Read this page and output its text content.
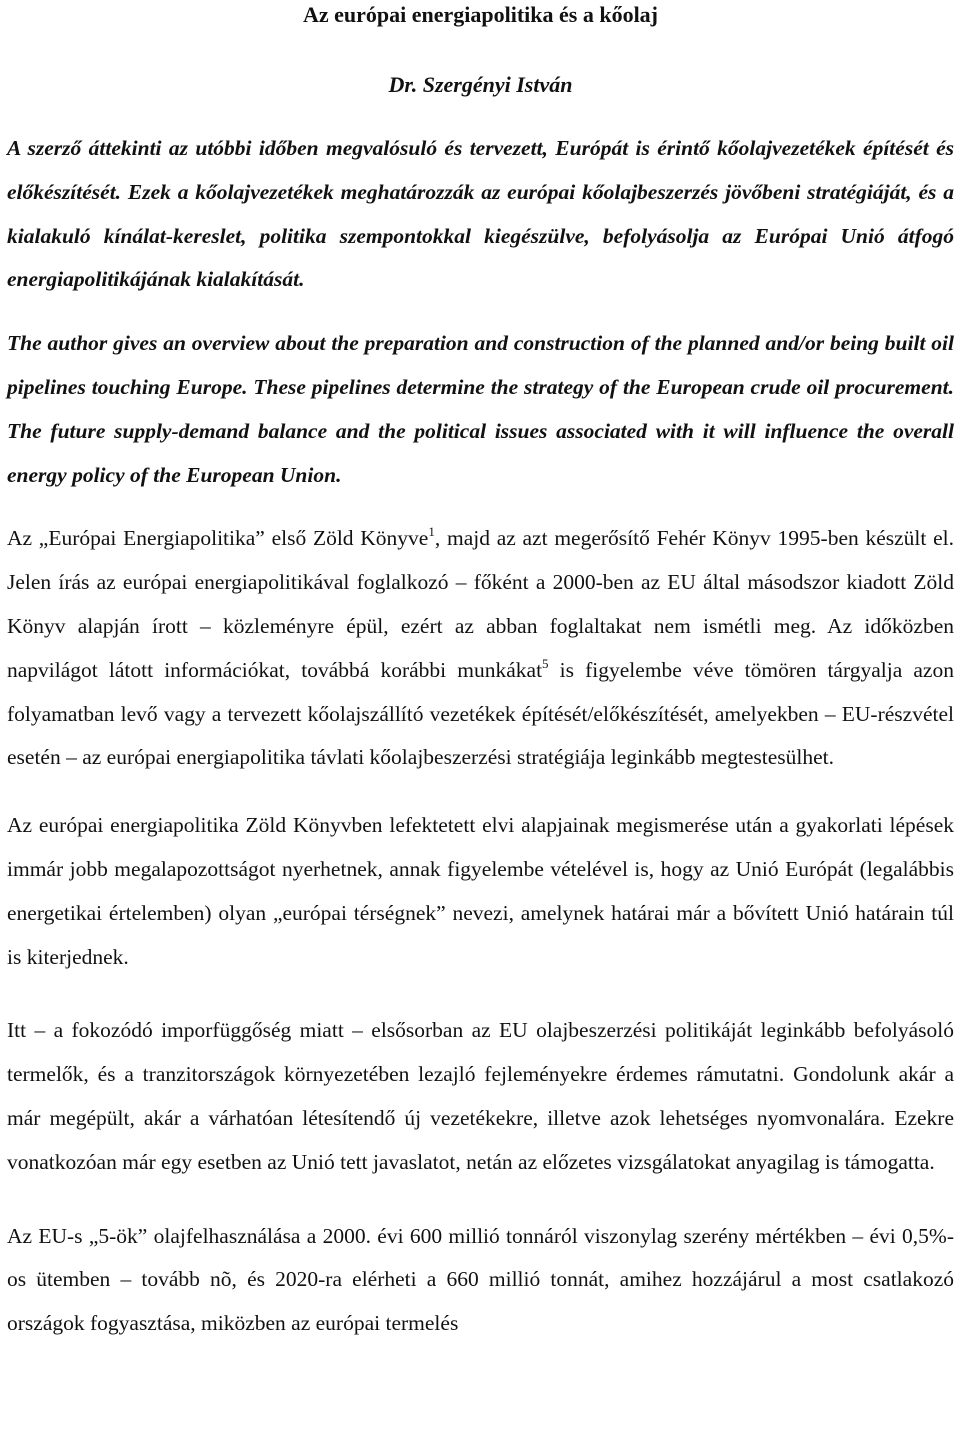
Az európai energiapolitika és a kőolaj
Dr. Szergényi István

A szerző áttekinti az utóbbi időben megvalósuló és tervezett, Európát is érintő kőolajvezetékek építését és előkészítését. Ezek a kőolajvezetékek meghatározzák az európai kőolajbeszerzés jövőbeni stratégiáját, és a kialakuló kínálat-kereslet, politika szempontokkal kiegészülve, befolyásolja az Európai Unió átfogó energiapolitikájának kialakítását.

The author gives an overview about the preparation and construction of the planned and/or being built oil pipelines touching Europe. These pipelines determine the strategy of the European crude oil procurement. The future supply-demand balance and the political issues associated with it will influence the overall energy policy of the European Union.

Az „Európai Energiapolitika” első Zöld Könyve$^1$, majd az azt megerősítő Fehér Könyv 1995-ben készült el. Jelen írás az európai energiapolitikával foglalkozó – főként a 2000-ben az EU által másodszor kiadott Zöld Könyv alapján írott – közleményre épül, ezért az abban foglaltakat nem ismétli meg. Az időközben napvilágot látott információkat, továbbá korábbi munkákat$^5$ is figyelembe véve tömören tárgyalja azon folyamatban levő vagy a tervezett kőolajszállító vezetékek építését/előkészítését, amelyekben – EU-részvétel esetén – az európai energiapolitika távlati kőolajbeszerzési stratégiája leginkább megtestesülhet.

Az európai energiapolitika Zöld Könyvben lefektetett elvi alapjainak megismerése után a gyakorlati lépések immár jobb megalapozottságot nyerhetnek, annak figyelembe vételével is, hogy az Unió Európát (legalábbis energetikai értelemben) olyan „európai térségnek” nevezi, amelynek határai már a bővített Unió határain túl is kiterjednek.

Itt – a fokozódó imporfüggőség miatt – elsősorban az EU olajbeszerzési politikáját leginkább befolyásoló termelők, és a tranzitországok környezetében lezajló fejleményekre érdemes rámutatni. Gondolunk akár a már megépült, akár a várhatóan létesítendő új vezetékekre, illetve azok lehetséges nyomvonalára. Ezekre vonatkozóan már egy esetben az Unió tett javaslatot, netán az előzetes vizsgálatokat anyagilag is támogatta.

Az EU-s „5-ök” olajfelhasználása a 2000. évi 600 millió tonnáról viszonylag szerény mértékben – évi 0,5%-os ütemben – tovább nõ, és 2020-ra elérheti a 660 millió tonnát, amihez hozzájárul a most csatlakozó országok fogyasztása, miközben az európai termelés
